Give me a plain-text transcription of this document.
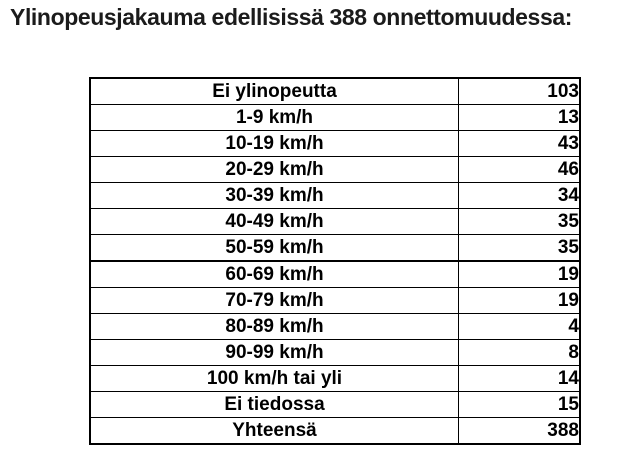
Ylinopeusjakauma edellisissä 388 onnettomuudessa:
Ei ylinopeutta	103
1-9 km/h	13
10-19 km/h	43
20-29 km/h	46
30-39 km/h	34
40-49 km/h	35
50-59 km/h	35
60-69 km/h	19
70-79 km/h	19
80-89 km/h	4
90-99 km/h	8
100 km/h tai yli	14
Ei tiedossa	15
Yhteensä	388
